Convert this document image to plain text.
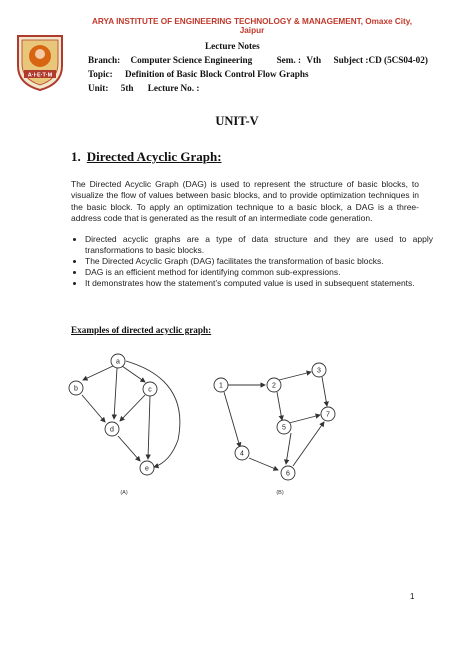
A·I·E·T·M
ARYA INSTITUTE OF ENGINEERING TECHNOLOGY & MANAGEMENT, Omaxe City, Jaipur
Lecture Notes
Branch: Computer Science Engineering	Sem. : Vth Subject :CD (5CS04-02)
Topic: Definition of Basic Block Control Flow Graphs
Unit: 5th Lecture No. :
UNIT-V
1. Directed Acyclic Graph:
The Directed Acyclic Graph (DAG) is used to represent the structure of basic blocks, to visualize the flow of values between basic blocks, and to provide optimization techniques in the basic block. To apply an optimization technique to a basic block, a DAG is a three-address code that is generated as the result of an intermediate code generation.
• Directed acyclic graphs are a type of data structure and they are used to apply transformations to basic blocks.
• The Directed Acyclic Graph (DAG) facilitates the transformation of basic blocks.
• DAG is an efficient method for identifying common sub-expressions.
• It demonstrates how the statement’s computed value is used in subsequent statements.
Examples of directed acyclic graph:
a
b	c
d
e
(A)
1	2
3
4
5
6
7
(B)
1
